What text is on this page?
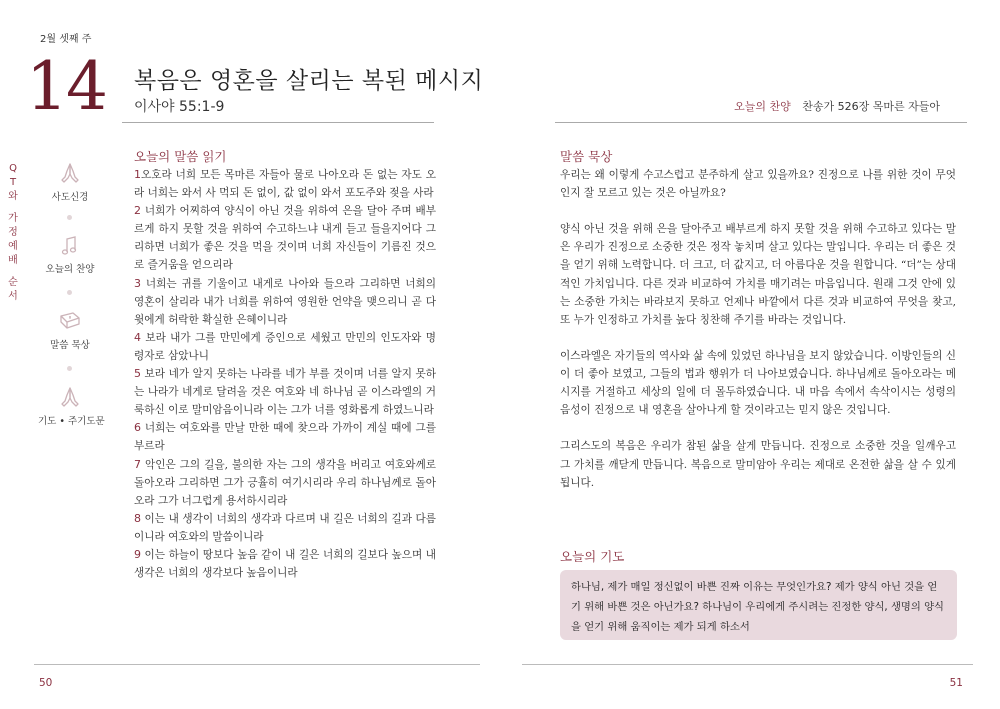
2월 셋째 주
14 복음은 영혼을 살리는 복된 메시지
이사야 55:1-9	오늘의 찬양 찬송가 526장 목마른 자들아
Q
T
와
가
정
예
배
순
서
사도신경
오늘의 찬양
말씀 묵상
기도 • 주기도문
오늘의 말씀 읽기
1오호라 너희 모든 목마른 자들아 물로 나아오라 돈 없는 자도 오라 너희는 와서 사 먹되 돈 없이, 값 없이 와서 포도주와 젖을 사라
2 너희가 어찌하여 양식이 아닌 것을 위하여 은을 달아 주며 배부르게 하지 못할 것을 위하여 수고하느냐 내게 듣고 들을지어다 그리하면 너희가 좋은 것을 먹을 것이며 너희 자신들이 기름진 것으로 즐거움을 얻으리라
3 너희는 귀를 기울이고 내게로 나아와 들으라 그리하면 너희의 영혼이 살리라 내가 너희를 위하여 영원한 언약을 맺으리니 곧 다윗에게 허락한 확실한 은혜이니라
4 보라 내가 그를 만민에게 증인으로 세웠고 만민의 인도자와 명령자로 삼았나니
5 보라 네가 알지 못하는 나라를 네가 부를 것이며 너를 알지 못하는 나라가 네게로 달려올 것은 여호와 네 하나님 곧 이스라엘의 거룩하신 이로 말미암음이니라 이는 그가 너를 영화롭게 하였느니라
6 너희는 여호와를 만날 만한 때에 찾으라 가까이 계실 때에 그를 부르라
7 악인은 그의 길을, 불의한 자는 그의 생각을 버리고 여호와께로 돌아오라 그리하면 그가 긍휼히 여기시리라 우리 하나님께로 돌아오라 그가 너그럽게 용서하시리라
8 이는 내 생각이 너희의 생각과 다르며 내 길은 너희의 길과 다름이니라 여호와의 말씀이니라
9 이는 하늘이 땅보다 높음 같이 내 길은 너희의 길보다 높으며 내 생각은 너희의 생각보다 높음이니라
말씀 묵상

우리는 왜 이렇게 수고스럽고 분주하게 살고 있을까요? 진정으로 나를 위한 것이 무엇인지 잘 모르고 있는 것은 아닐까요?

양식 아닌 것을 위해 은을 달아주고 배부르게 하지 못할 것을 위해 수고하고 있다는 말은 우리가 진정으로 소중한 것은 정작 놓치며 살고 있다는 말입니다. 우리는 더 좋은 것을 얻기 위해 노력합니다. 더 크고, 더 값지고, 더 아름다운 것을 원합니다. “더”는 상대적인 가치입니다. 다른 것과 비교하여 가치를 매기려는 마음입니다. 원래 그것 안에 있는 소중한 가치는 바라보지 못하고 언제나 바깥에서 다른 것과 비교하여 무엇을 찾고, 또 누가 인정하고 가치를 높다 칭찬해 주기를 바라는 것입니다.

이스라엘은 자기들의 역사와 삶 속에 있었던 하나님을 보지 않았습니다. 이방인들의 신이 더 좋아 보였고, 그들의 법과 행위가 더 나아보였습니다. 하나님께로 돌아오라는 메시지를 거절하고 세상의 일에 더 몰두하였습니다. 내 마음 속에서 속삭이시는 성령의 음성이 진정으로 내 영혼을 살아나게 할 것이라고는 믿지 않은 것입니다.

그리스도의 복음은 우리가 참된 삶을 살게 만듭니다. 진정으로 소중한 것을 일깨우고 그 가치를 깨닫게 만듭니다. 복음으로 말미암아 우리는 제대로 온전한 삶을 살 수 있게 됩니다.

오늘의 기도
하나님, 제가 매일 정신없이 바쁜 진짜 이유는 무엇인가요? 제가 양식 아닌 것을 얻기 위해 바쁜 것은 아닌가요? 하나님이 우리에게 주시려는 진정한 양식, 생명의 양식을 얻기 위해 움직이는 제가 되게 하소서
50	51
